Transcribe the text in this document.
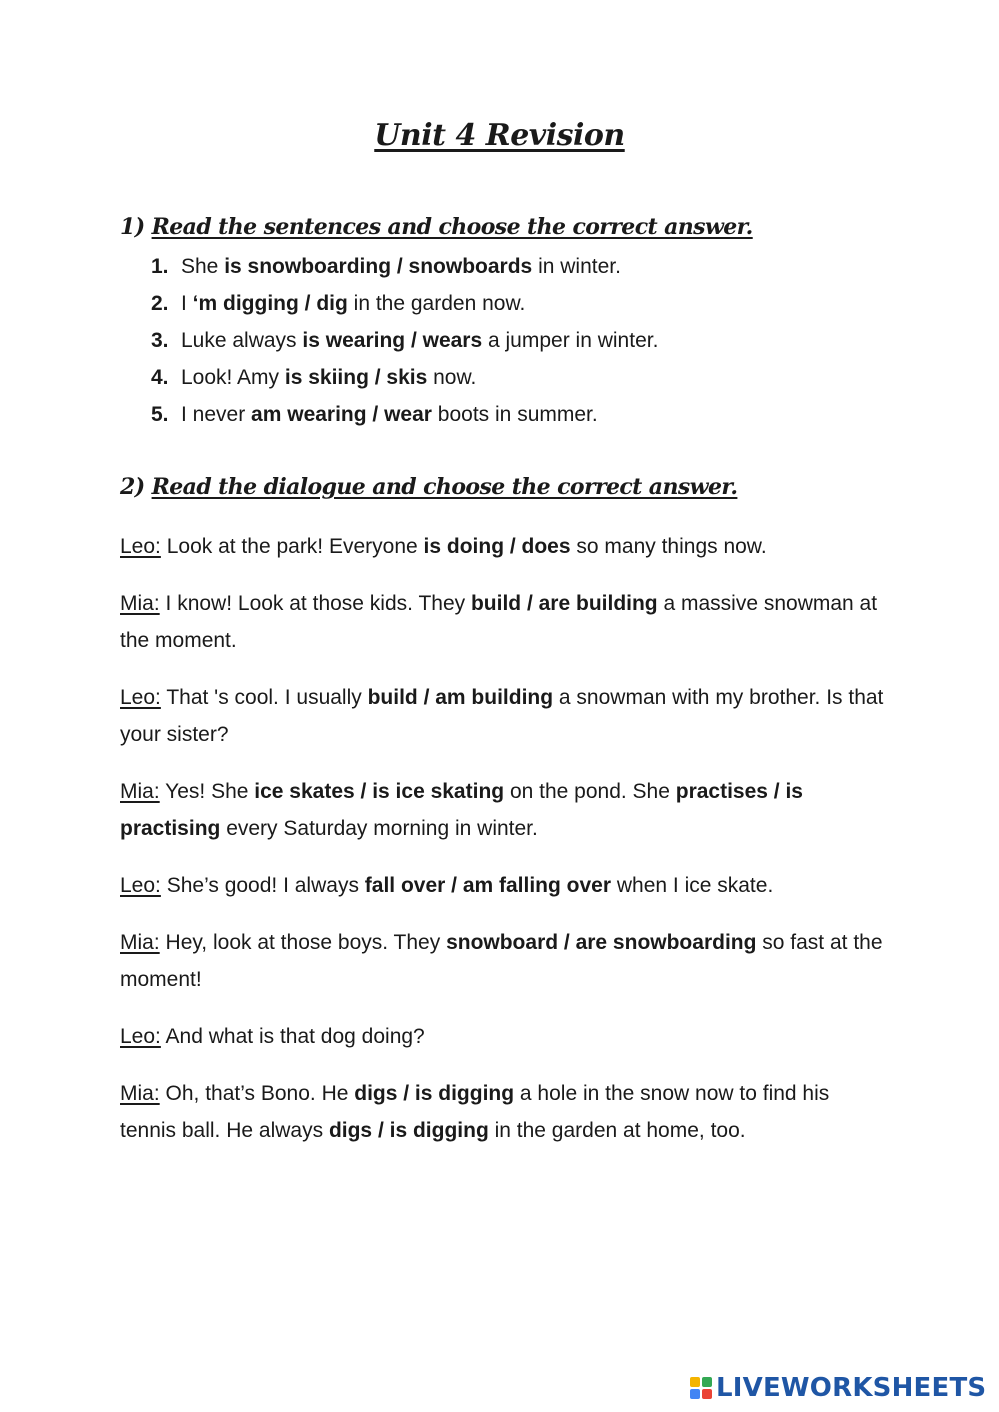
Unit 4 Revision
1) Read the sentences and choose the correct answer.
1. She is snowboarding / snowboards in winter.
2. I ‘m digging / dig in the garden now.
3. Luke always is wearing / wears a jumper in winter.
4. Look! Amy is skiing / skis now.
5. I never am wearing / wear boots in summer.
2) Read the dialogue and choose the correct answer.

Leo: Look at the park! Everyone is doing / does so many things now.

Mia: I know! Look at those kids. They build / are building a massive snowman at the moment.

Leo: That 's cool. I usually build / am building a snowman with my brother. Is that your sister?

Mia: Yes! She ice skates / is ice skating on the pond. She practises / is practising every Saturday morning in winter.

Leo: She’s good! I always fall over / am falling over when I ice skate.

Mia: Hey, look at those boys. They snowboard / are snowboarding so fast at the moment!

Leo: And what is that dog doing?

Mia: Oh, that’s Bono. He digs / is digging a hole in the snow now to find his tennis ball. He always digs / is digging in the garden at home, too.

LIVEWORKSHEETS
